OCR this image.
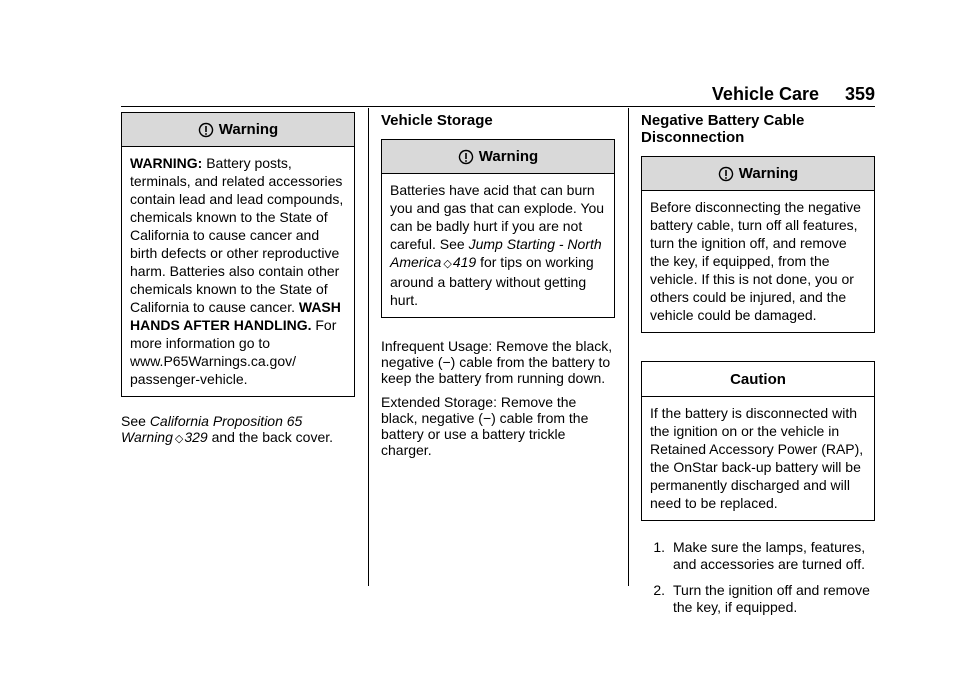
Vehicle Care 359
Warning
WARNING: Battery posts, terminals, and related accessories contain lead and lead compounds, chemicals known to the State of California to cause cancer and birth defects or other reproductive harm. Batteries also contain other chemicals known to the State of California to cause cancer. WASH HANDS AFTER HANDLING. For more information go to www.P65Warnings.ca.gov/ passenger-vehicle.

See California Proposition 65 Warning ◇329 and the back cover.

Vehicle Storage
Warning
Batteries have acid that can burn you and gas that can explode. You can be badly hurt if you are not careful. See Jump Starting - North America ◇419 for tips on working around a battery without getting hurt.

Infrequent Usage: Remove the black, negative (−) cable from the battery to keep the battery from running down.

Extended Storage: Remove the black, negative (−) cable from the battery or use a battery trickle charger.

Negative Battery Cable Disconnection
Warning
Before disconnecting the negative battery cable, turn off all features, turn the ignition off, and remove the key, if equipped, from the vehicle. If this is not done, you or others could be injured, and the vehicle could be damaged.
Caution
If the battery is disconnected with the ignition on or the vehicle in Retained Accessory Power (RAP), the OnStar back-up battery will be permanently discharged and will need to be replaced.
1. Make sure the lamps, features, and accessories are turned off.
2. Turn the ignition off and remove the key, if equipped.
